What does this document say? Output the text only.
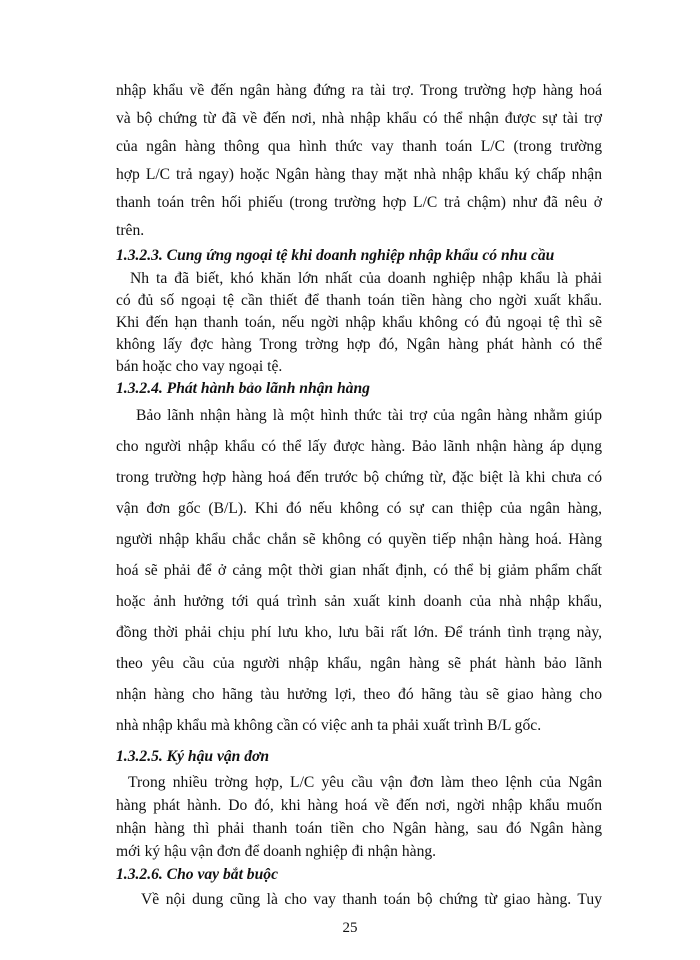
nhập khẩu về đến ngân hàng đứng ra tài trợ. Trong trường hợp hàng hoá
và bộ chứng từ đã về đến nơi, nhà nhập khẩu có thể nhận được sự tài trợ
của ngân hàng thông qua hình thức vay thanh toán L/C (trong trường
hợp L/C trả ngay) hoặc Ngân hàng thay mặt nhà nhập khẩu ký chấp nhận
thanh toán trên hối phiếu (trong trường hợp L/C trả chậm) như đã nêu ở
trên.
1.3.2.3. Cung ứng ngoại tệ khi doanh nghiệp nhập khẩu có nhu cầu
Nh ta đã biết, khó khăn lớn nhất của doanh nghiệp nhập khẩu là phải
có đủ số ngoại tệ cần thiết để thanh toán tiền hàng cho ngời xuất khẩu.
Khi đến hạn thanh toán, nếu ngời nhập khẩu không có đủ ngoại tệ thì sẽ
không lấy đợc hàng Trong trờng hợp đó, Ngân hàng phát hành có thể
bán hoặc cho vay ngoại tệ.
1.3.2.4. Phát hành bảo lãnh nhận hàng
Bảo lãnh nhận hàng là một hình thức tài trợ của ngân hàng nhằm giúp
cho người nhập khẩu có thể lấy được hàng. Bảo lãnh nhận hàng áp dụng
trong trường hợp hàng hoá đến trước bộ chứng từ, đặc biệt là khi chưa có
vận đơn gốc (B/L). Khi đó nếu không có sự can thiệp của ngân hàng,
người nhập khẩu chắc chắn sẽ không có quyền tiếp nhận hàng hoá. Hàng
hoá sẽ phải để ở cảng một thời gian nhất định, có thể bị giảm phẩm chất
hoặc ảnh hưởng tới quá trình sản xuất kinh doanh của nhà nhập khẩu,
đồng thời phải chịu phí lưu kho, lưu bãi rất lớn. Để tránh tình trạng này,
theo yêu cầu của người nhập khẩu, ngân hàng sẽ phát hành bảo lãnh
nhận hàng cho hãng tàu hưởng lợi, theo đó hãng tàu sẽ giao hàng cho
nhà nhập khẩu mà không cần có việc anh ta phải xuất trình B/L gốc.
1.3.2.6. Cho vay bắt buộc
Về nội dung cũng là cho vay thanh toán bộ chứng từ giao hàng. Tuy
25
1.3.2.5. Ký hậu vận đơn
Trong nhiều trờng hợp, L/C yêu cầu vận đơn làm theo lệnh của Ngân
hàng phát hành. Do đó, khi hàng hoá về đến nơi, ngời nhập khẩu muốn
nhận hàng thì phải thanh toán tiền cho Ngân hàng, sau đó Ngân hàng
mới ký hậu vận đơn để doanh nghiệp đi nhận hàng.
